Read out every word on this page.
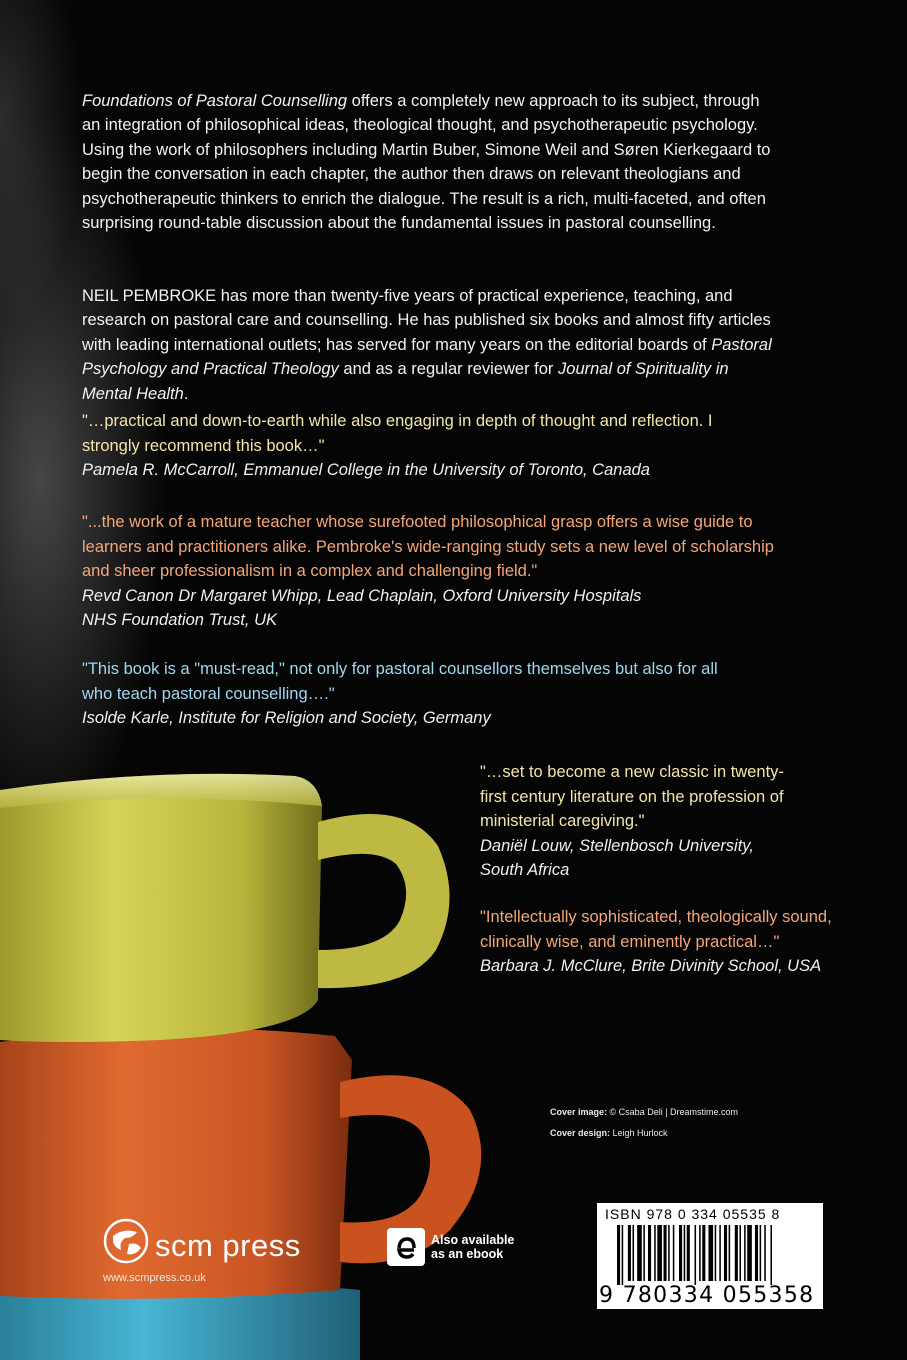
Foundations of Pastoral Counselling offers a completely new approach to its subject, through an integration of philosophical ideas, theological thought, and psychotherapeutic psychology. Using the work of philosophers including Martin Buber, Simone Weil and Søren Kierkegaard to begin the conversation in each chapter, the author then draws on relevant theologians and psychotherapeutic thinkers to enrich the dialogue. The result is a rich, multi-faceted, and often surprising round-table discussion about the fundamental issues in pastoral counselling.

NEIL PEMBROKE has more than twenty-five years of practical experience, teaching, and research on pastoral care and counselling. He has published six books and almost fifty articles with leading international outlets; has served for many years on the editorial boards of Pastoral Psychology and Practical Theology and as a regular reviewer for Journal of Spirituality in Mental Health.

"…practical and down-to-earth while also engaging in depth of thought and reflection. I strongly recommend this book…"
Pamela R. McCarroll, Emmanuel College in the University of Toronto, Canada
"...the work of a mature teacher whose surefooted philosophical grasp offers a wise guide to learners and practitioners alike. Pembroke's wide-ranging study sets a new level of scholarship and sheer professionalism in a complex and challenging field."
Revd Canon Dr Margaret Whipp, Lead Chaplain, Oxford University Hospitals NHS Foundation Trust, UK
"This book is a "must-read," not only for pastoral counsellors themselves but also for all who teach pastoral counselling…."
Isolde Karle, Institute for Religion and Society, Germany
"…set to become a new classic in twenty-first century literature on the profession of ministerial caregiving."
Daniël Louw, Stellenbosch University, South Africa
"Intellectually sophisticated, theologically sound, clinically wise, and eminently practical…"
Barbara J. McClure, Brite Divinity School, USA
Cover image: © Csaba Deli | Dreamstime.com
Cover design: Leigh Hurlock
scm press
www.scmpress.co.uk
Also available
as an ebook
ISBN 978 0 334 05535 8
9 780334 055358
